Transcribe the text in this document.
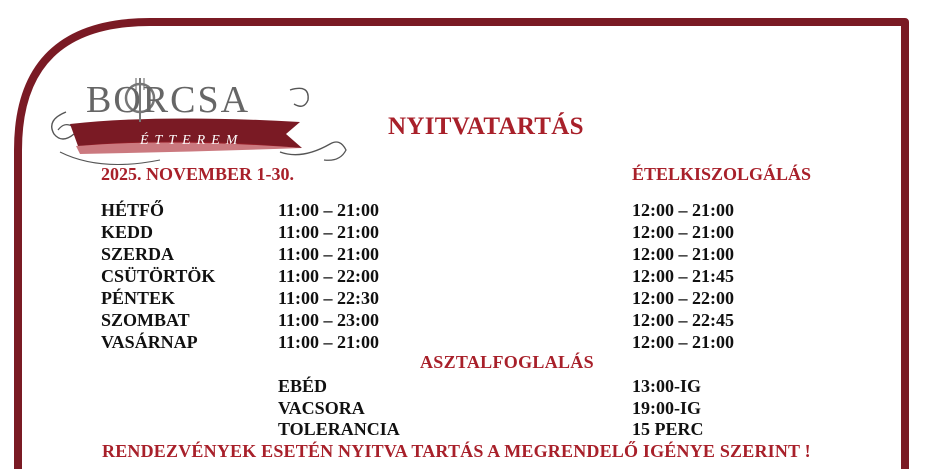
BORCSA
ÉTTEREM
NYITVATARTÁS
2025. NOVEMBER 1-30.	ÉTELKISZOLGÁLÁS
HÉTFŐ	11:00 – 21:00	12:00 – 21:00
KEDD	11:00 – 21:00	12:00 – 21:00
SZERDA	11:00 – 21:00	12:00 – 21:00
CSÜTÖRTÖK	11:00 – 22:00	12:00 – 21:45
PÉNTEK	11:00 – 22:30	12:00 – 22:00
SZOMBAT	11:00 – 23:00	12:00 – 22:45
VASÁRNAP	11:00 – 21:00	12:00 – 21:00
ASZTALFOGLALÁS
EBÉD	13:00-IG
VACSORA	19:00-IG
TOLERANCIA	15 PERC
RENDEZVÉNYEK ESETÉN NYITVA TARTÁS A MEGRENDELŐ IGÉNYE SZERINT !
